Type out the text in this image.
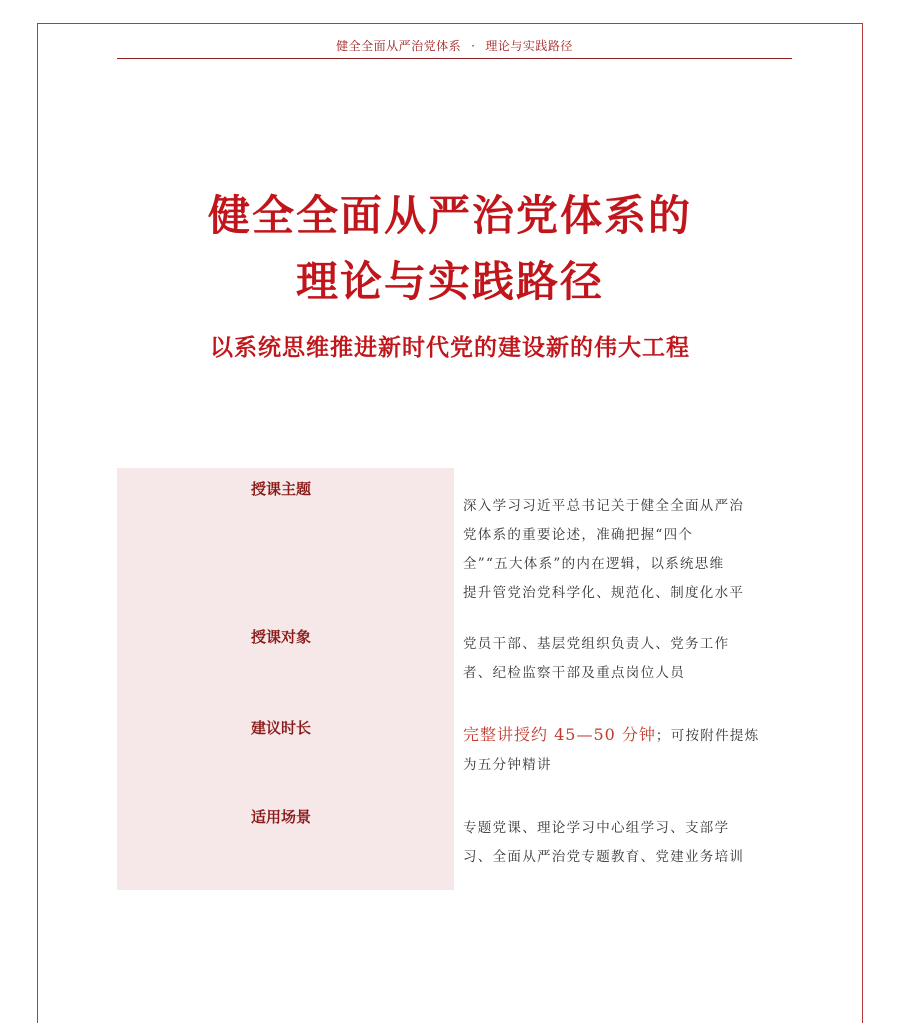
健全全面从严治党体系 · 理论与实践路径
健全全面从严治党体系的
理论与实践路径
以系统思维推进新时代党的建设新的伟大工程
授课主题
深入学习习近平总书记关于健全全面从严治
党体系的重要论述，准确把握“四个
全”“五大体系”的内在逻辑，以系统思维
提升管党治党科学化、规范化、制度化水平
授课对象	党员干部、基层党组织负责人、党务工作
者、纪检监察干部及重点岗位人员
建议时长	完整讲授约 45—50 分钟；可按附件提炼
为五分钟精讲
适用场景
专题党课、理论学习中心组学习、支部学
习、全面从严治党专题教育、党建业务培训
